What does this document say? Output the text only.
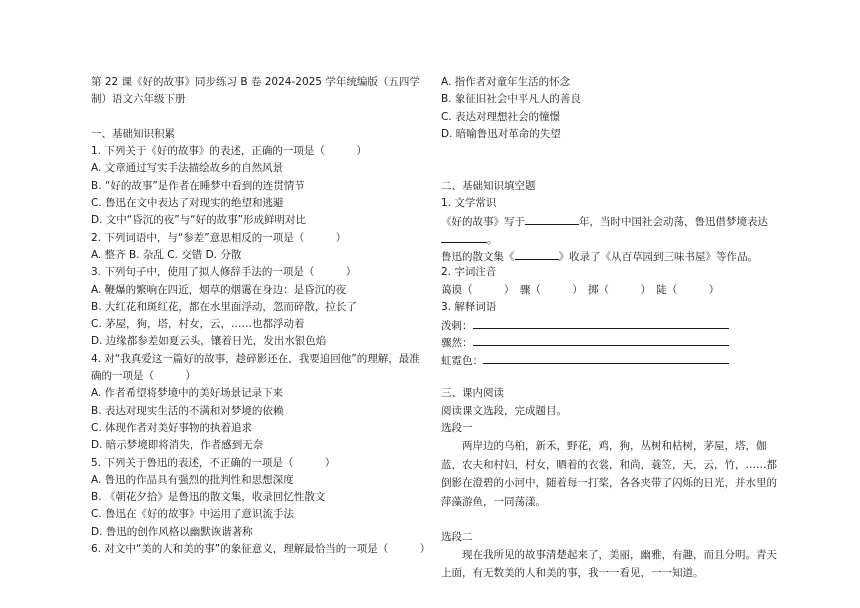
第 22 课《好的故事》同步练习 B 卷 2024-2025 学年统编版（五四学制）语文六年级下册
一、基础知识积累
1. 下列关于《好的故事》的表述，正确的一项是（　　　）
A. 文章通过写实手法描绘故乡的自然风景
B. “好的故事”是作者在睡梦中看到的连贯情节
C. 鲁迅在文中表达了对现实的绝望和逃避
D. 文中“昏沉的夜”与“好的故事”形成鲜明对比
2. 下列词语中，与“参差”意思相反的一项是（　　　）
A. 整齐 B. 杂乱 C. 交错 D. 分散
3. 下列句子中，使用了拟人修辞手法的一项是（　　　）
A. 鞭爆的繁响在四近，烟草的烟霭在身边：是昏沉的夜
B. 大红花和斑红花，都在水里面浮动，忽而碎散，拉长了
C. 茅屋，狗，塔，村女，云，……也都浮动着
D. 边缘都参差如夏云头，镶着日光，发出水银色焰
4. 对“我真爱这一篇好的故事，趁碎影还在，我要追回他”的理解，最准
确的一项是（　　　）
A. 作者希望将梦境中的美好场景记录下来
B. 表达对现实生活的不满和对梦境的依赖
C. 体现作者对美好事物的执着追求
D. 暗示梦境即将消失，作者感到无奈
5. 下列关于鲁迅的表述，不正确的一项是（　　　）
A. 鲁迅的作品具有强烈的批判性和思想深度
B. 《朝花夕拾》是鲁迅的散文集，收录回忆性散文
C. 鲁迅在《好的故事》中运用了意识流手法
D. 鲁迅的创作风格以幽默诙谐著称
6. 对文中“美的人和美的事”的象征意义，理解最恰当的一项是（　　　）
A. 指作者对童年生活的怀念
B. 象征旧社会中平凡人的善良
C. 表达对理想社会的憧憬
D. 暗喻鲁迅对革命的失望
二、基础知识填空题
1. 文学常识
《好的故事》写于	年，当时中国社会动荡，鲁迅借梦境表达
。
鲁迅的散文集《	》收录了《从百草园到三味书屋》等作品。
2. 字词注音
蔼谟（　　　）　骤（　　　）　掷（　　　）　陡（　　　）
3. 解释词语
泼剌：
骤然：
虹霓色：
三、课内阅读
阅读课文选段，完成题目。
选段一
两岸边的乌桕，新禾，野花，鸡，狗，丛树和枯树，茅屋，塔，伽蓝，农夫和村妇，村女，晒着的衣裳，和尚，蓑笠，天，云，竹，……都倒影在澄碧的小河中，随着每一打桨，各各夹带了闪烁的日光，并水里的萍藻游鱼，一同荡漾。
选段二
现在我所见的故事清楚起来了，美丽，幽雅，有趣，而且分明。青天上面，有无数美的人和美的事，我一一看见，一一知道。
